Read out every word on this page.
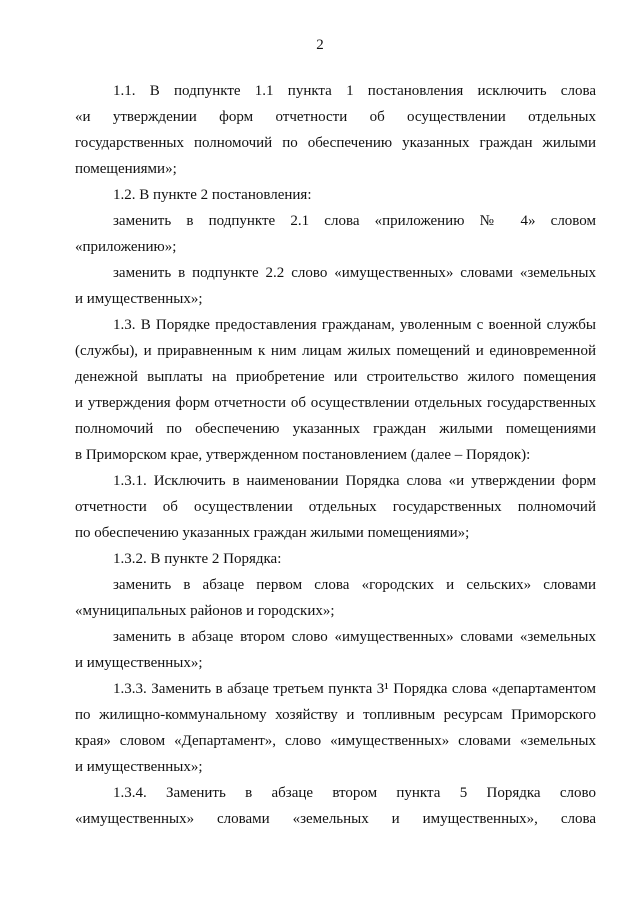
2

1.1. В подпункте 1.1 пункта 1 постановления исключить слова

«и утверждении форм отчетности об осуществлении отдельных

государственных полномочий по обеспечению указанных граждан жилыми

помещениями»;

1.2. В пункте 2 постановления:

заменить в подпункте 2.1 слова «приложению № 4» словом

«приложению»;

заменить в подпункте 2.2 слово «имущественных» словами «земельных

и имущественных»;

1.3. В Порядке предоставления гражданам, уволенным с военной службы

(службы), и приравненным к ним лицам жилых помещений и единовременной

денежной выплаты на приобретение или строительство жилого помещения

и утверждения форм отчетности об осуществлении отдельных государственных

полномочий по обеспечению указанных граждан жилыми помещениями

в Приморском крае, утвержденном постановлением (далее – Порядок):

1.3.1. Исключить в наименовании Порядка слова «и утверждении форм

отчетности об осуществлении отдельных государственных полномочий

по обеспечению указанных граждан жилыми помещениями»;

1.3.2. В пункте 2 Порядка:

заменить в абзаце первом слова «городских и сельских» словами

«муниципальных районов и городских»;

заменить в абзаце втором слово «имущественных» словами «земельных

и имущественных»;

1.3.3. Заменить в абзаце третьем пункта 3¹ Порядка слова «департаментом

по жилищно-коммунальному хозяйству и топливным ресурсам Приморского

края» словом «Департамент», слово «имущественных» словами «земельных

и имущественных»;

1.3.4. Заменить в абзаце втором пункта 5 Порядка слово

«имущественных» словами «земельных и имущественных», слова
